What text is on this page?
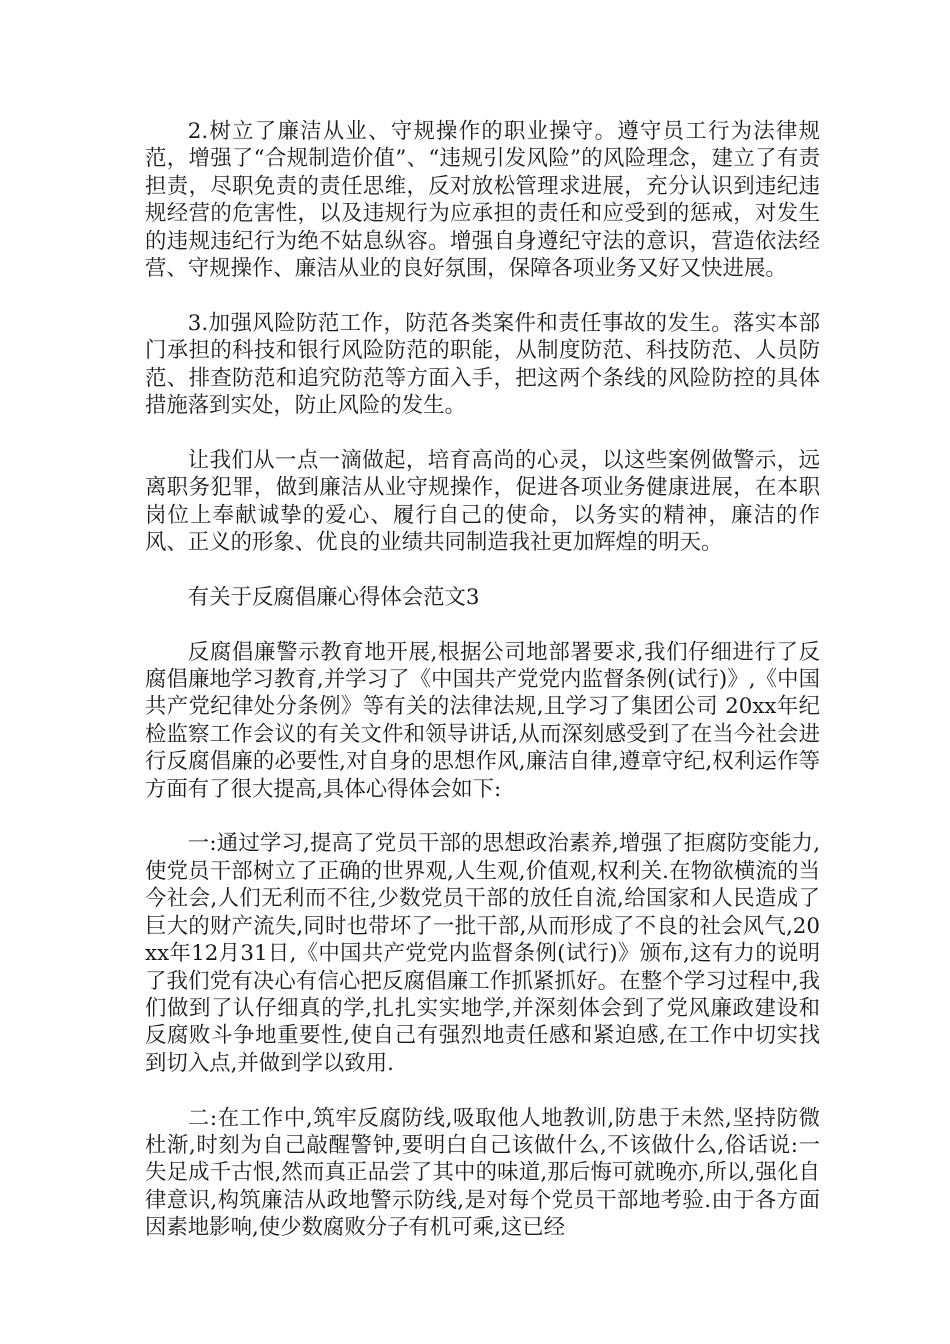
2.树立了廉洁从业、守规操作的职业操守。遵守员工行为法律规范，增强了“合规制造价值”、“违规引发风险”的风险理念，建立了有责担责，尽职免责的责任思维，反对放松管理求进展，充分认识到违纪违规经营的危害性，以及违规行为应承担的责任和应受到的惩戒，对发生的违规违纪行为绝不姑息纵容。增强自身遵纪守法的意识，营造依法经营、守规操作、廉洁从业的良好氛围，保障各项业务又好又快进展。

3.加强风险防范工作，防范各类案件和责任事故的发生。落实本部门承担的科技和银行风险防范的职能，从制度防范、科技防范、人员防范、排查防范和追究防范等方面入手，把这两个条线的风险防控的具体措施落到实处，防止风险的发生。

让我们从一点一滴做起，培育高尚的心灵，以这些案例做警示，远离职务犯罪，做到廉洁从业守规操作，促进各项业务健康进展，在本职岗位上奉献诚挚的爱心、履行自己的使命，以务实的精神，廉洁的作风、正义的形象、优良的业绩共同制造我社更加辉煌的明天。

有关于反腐倡廉心得体会范文3

反腐倡廉警示教育地开展,根据公司地部署要求,我们仔细进行了反腐倡廉地学习教育,并学习了《中国共产党党内监督条例(试行)》,《中国共产党纪律处分条例》等有关的法律法规,且学习了集团公司 20xx年纪检监察工作会议的有关文件和领导讲话,从而深刻感受到了在当今社会进行反腐倡廉的必要性,对自身的思想作风,廉洁自律,遵章守纪,权利运作等方面有了很大提高,具体心得体会如下:

一:通过学习,提高了党员干部的思想政治素养,增强了拒腐防变能力,使党员干部树立了正确的世界观,人生观,价值观,权利关.在物欲横流的当今社会,人们无利而不往,少数党员干部的放任自流,给国家和人民造成了巨大的财产流失,同时也带坏了一批干部,从而形成了不良的社会风气,20xx年12月31日,《中国共产党党内监督条例(试行)》颁布,这有力的说明了我们党有决心有信心把反腐倡廉工作抓紧抓好。在整个学习过程中,我们做到了认仔细真的学,扎扎实实地学,并深刻体会到了党风廉政建设和反腐败斗争地重要性,使自己有强烈地责任感和紧迫感,在工作中切实找到切入点,并做到学以致用.

二:在工作中,筑牢反腐防线,吸取他人地教训,防患于未然,坚持防微杜渐,时刻为自己敲醒警钟,要明白自己该做什么,不该做什么,俗话说:一失足成千古恨,然而真正品尝了其中的味道,那后悔可就晚亦,所以,强化自律意识,构筑廉洁从政地警示防线,是对每个党员干部地考验.由于各方面因素地影响,使少数腐败分子有机可乘,这已经
